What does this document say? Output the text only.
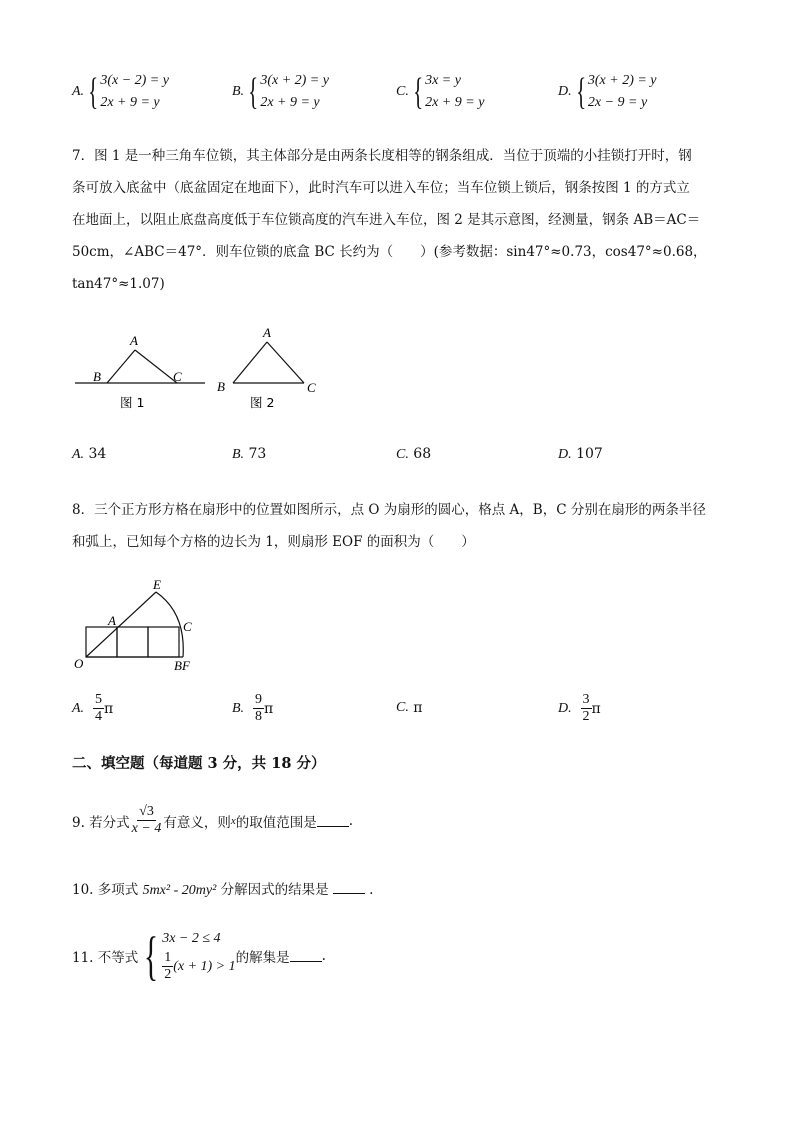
A. { 3(x − 2) = y
2x + 9 = y
B. { 3(x + 2) = y
2x + 9 = y
C. { 3x = y
2x + 9 = y
D. { 3(x + 2) = y
2x − 9 = y
7．图 1 是一种三角车位锁，其主体部分是由两条长度相等的钢条组成．当位于顶端的小挂锁打开时，钢
条可放入底盆中（底盆固定在地面下），此时汽车可以进入车位；当车位锁上锁后，钢条按图 1 的方式立
在地面上，以阻止底盘高度低于车位锁高度的汽车进入车位，图 2 是其示意图，经测量，钢条 AB＝AC＝
50cm，∠ABC＝47°．则车位锁的底盒 BC 长约为（　　）(参考数据：sin47°≈0.73，cos47°≈0.68，
tan47°≈1.07)
A
B	C
图 1
A
B	C
图 2
A. 34	B. 73	C. 68	D. 107
8．三个正方形方格在扇形中的位置如图所示，点 O 为扇形的圆心，格点 A，B，C 分别在扇形的两条半径
和弧上，已知每个方格的边长为 1，则扇形 EOF 的面积为（　　）
E
A	C
O	BF
A.
$\frac{5}{4}$ π	B.
$\frac{9}{8}$ π	C.
π	D.
$\frac{3}{2}$ π
二、填空题（每道题 3 分，共 18 分）
9. 若分式 $\frac{√3}{x - 4}$ 有意义，则 x 的取值范围是 .
10. 多项式 5mx² - 20my² 分解因式的结果是	.
11. 不等式 { 3x − 2 ≤ 4
$\frac{1}{2} (x + 1) > 1$
的解集是 .
